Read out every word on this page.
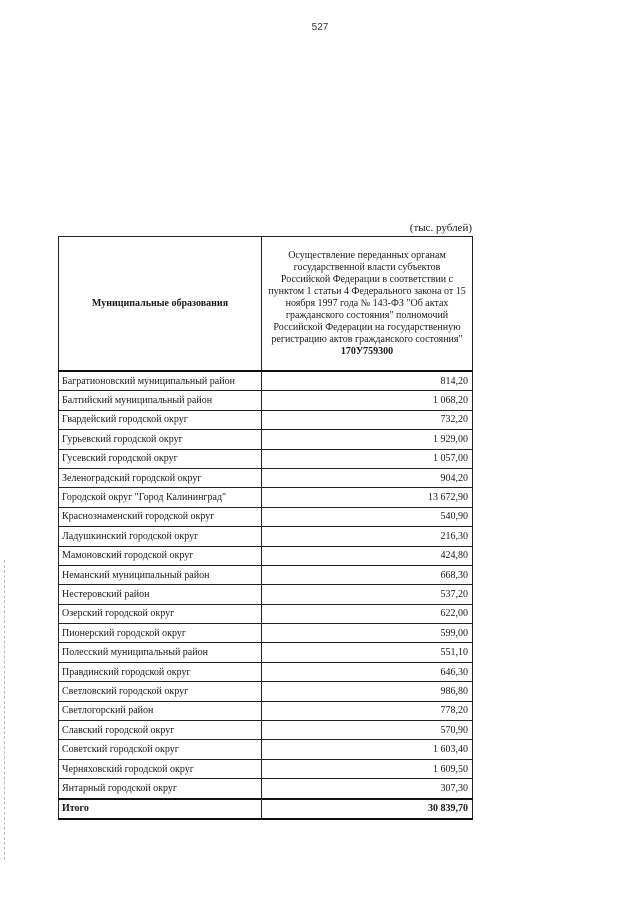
527
(тыс. рублей)
Муниципальные образования	Осуществление переданных органам государственной власти субъектов Российской Федерации в соответствии с пунктом 1 статьи 4 Федерального закона от 15 ноября 1997 года № 143-ФЗ "Об актах гражданского состояния" полномочий Российской Федерации на государственную регистрацию актов гражданского состояния"
170У759300

Багратионовский муниципальный район	814,20
Балтийский муниципальный район	1 068,20
Гвардейский городской округ	732,20
Гурьевский городской округ	1 929,00
Гусевский городской округ	1 057,00
Зеленоградский городской округ	904,20
Городской округ "Город Калининград"	13 672,90
Краснознаменский городской округ	540,90
Ладушкинский городской округ	216,30
Мамоновский городской округ	424,80
Неманский муниципальный район	668,30
Нестеровский район	537,20
Озерский городской округ	622,00
Пионерский городской округ	599,00
Полесский муниципальный район	551,10
Правдинский городской округ	646,30
Светловский городской округ	986,80
Светлогорский район	778,20
Славский городской округ	570,90
Советский городской округ	1 603,40
Черняховский городской округ	1 609,50
Янтарный городской округ	307,30
Итого	30 839,70
